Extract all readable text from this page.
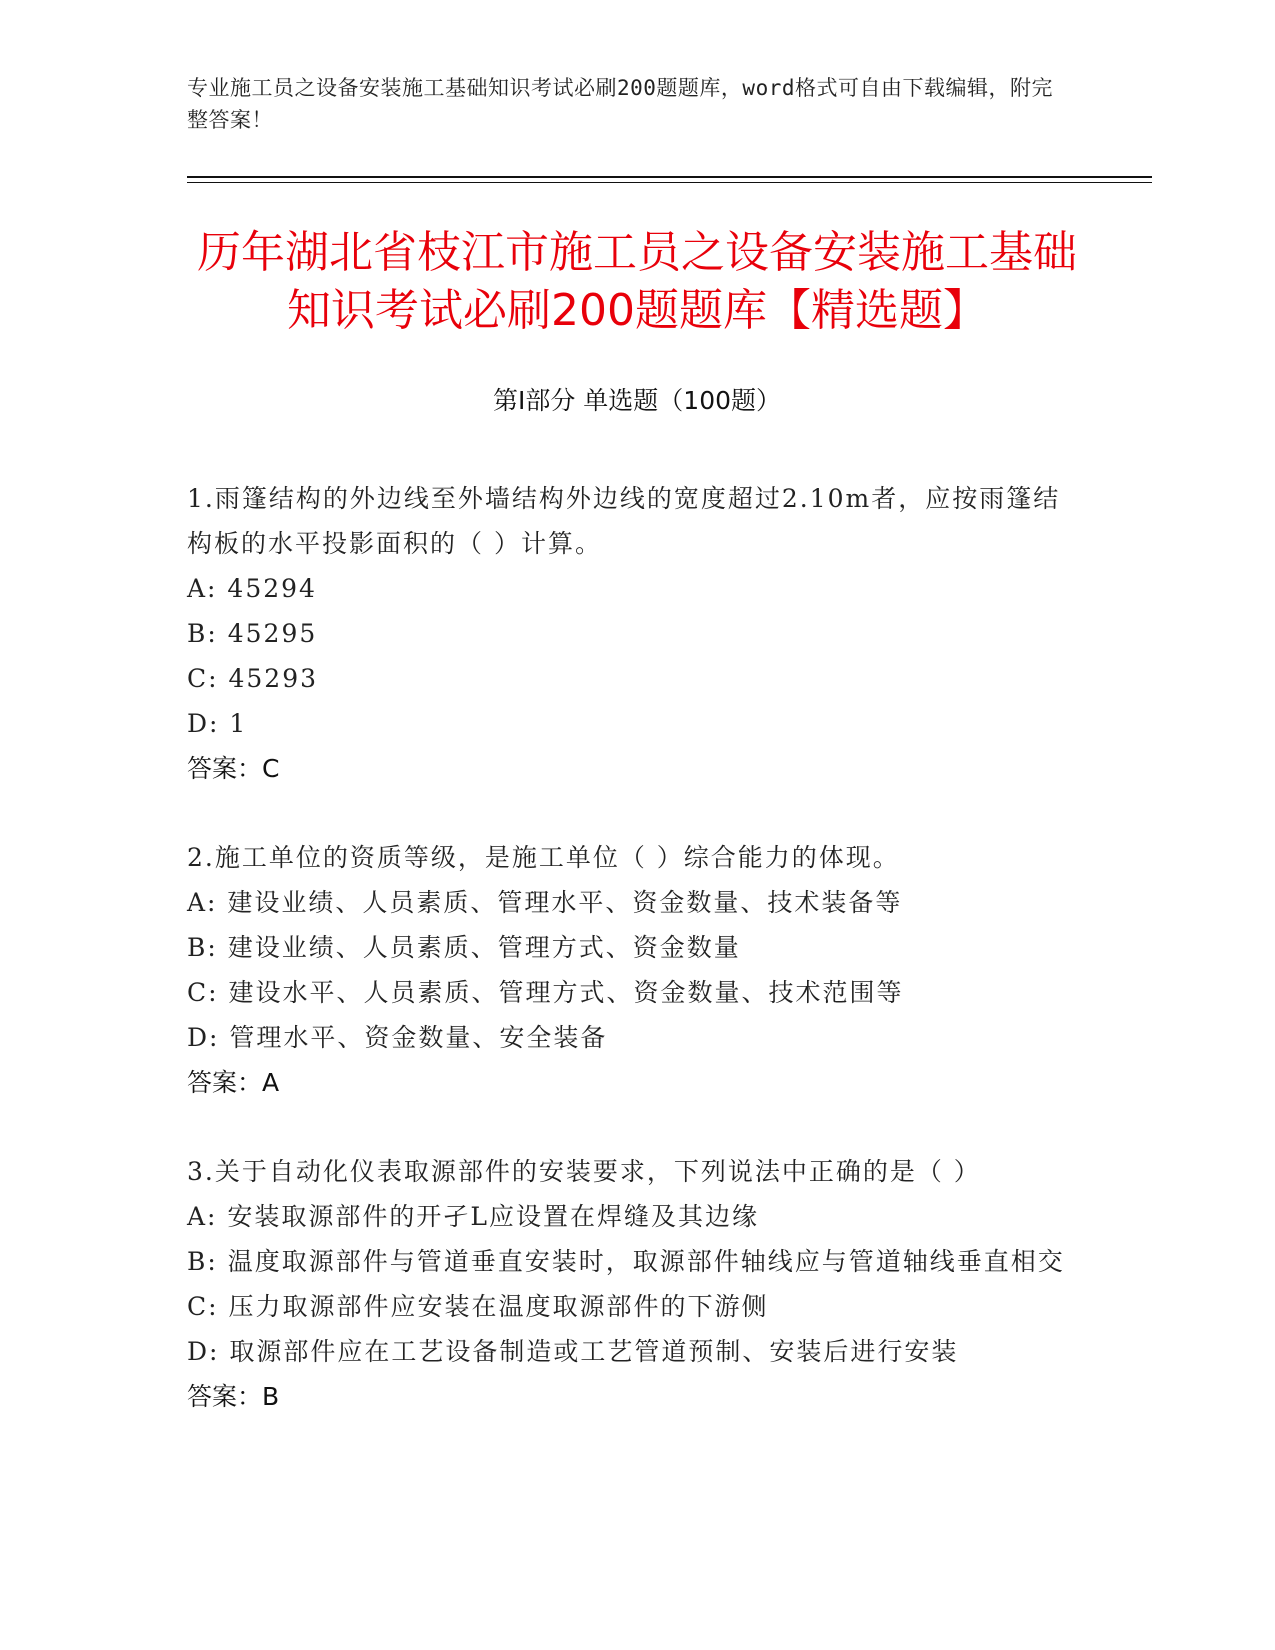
专业施工员之设备安装施工基础知识考试必刷200题题库，word格式可自由下载编辑，附完整答案！
历年湖北省枝江市施工员之设备安装施工基础知识考试必刷200题题库【精选题】
第Ⅰ部分 单选题（100题）
1.雨篷结构的外边线至外墙结构外边线的宽度超过2.10m者，应按雨篷结构板的水平投影面积的（ ）计算。
A: 45294
B: 45295
C: 45293
D: 1
答案：C
2.施工单位的资质等级，是施工单位（ ）综合能力的体现。
A: 建设业绩、人员素质、管理水平、资金数量、技术装备等
B: 建设业绩、人员素质、管理方式、资金数量
C: 建设水平、人员素质、管理方式、资金数量、技术范围等
D: 管理水平、资金数量、安全装备
答案：A
3.关于自动化仪表取源部件的安装要求，下列说法中正确的是（ ）
A: 安装取源部件的开孑L应设置在焊缝及其边缘
B: 温度取源部件与管道垂直安装时，取源部件轴线应与管道轴线垂直相交
C: 压力取源部件应安装在温度取源部件的下游侧
D: 取源部件应在工艺设备制造或工艺管道预制、安装后进行安装
答案：B
